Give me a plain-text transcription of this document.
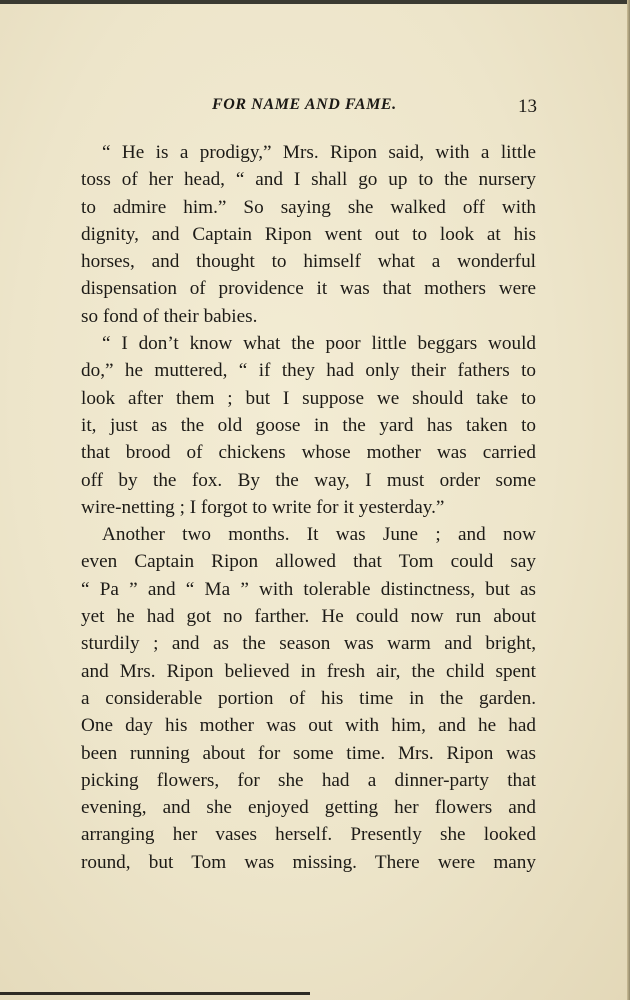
FOR NAME AND FAME.	13
“ He is a prodigy,” Mrs. Ripon said, with a little
toss of her head, “ and I shall go up to the nursery
to admire him.” So saying she walked off with
dignity, and Captain Ripon went out to look at his
horses, and thought to himself what a wonderful
dispensation of providence it was that mothers were
so fond of their babies.
“ I don’t know what the poor little beggars would
do,” he muttered, “ if they had only their fathers to
look after them ; but I suppose we should take to
it, just as the old goose in the yard has taken to
that brood of chickens whose mother was carried
off by the fox. By the way, I must order some
wire-netting ; I forgot to write for it yesterday.”
Another two months. It was June ; and now
even Captain Ripon allowed that Tom could say
“ Pa ” and “ Ma ” with tolerable distinctness, but as
yet he had got no farther. He could now run about
sturdily ; and as the season was warm and bright,
and Mrs. Ripon believed in fresh air, the child spent
a considerable portion of his time in the garden.
One day his mother was out with him, and he had
been running about for some time. Mrs. Ripon was
picking flowers, for she had a dinner-party that
evening, and she enjoyed getting her flowers and
arranging her vases herself. Presently she looked
round, but Tom was missing. There were many
